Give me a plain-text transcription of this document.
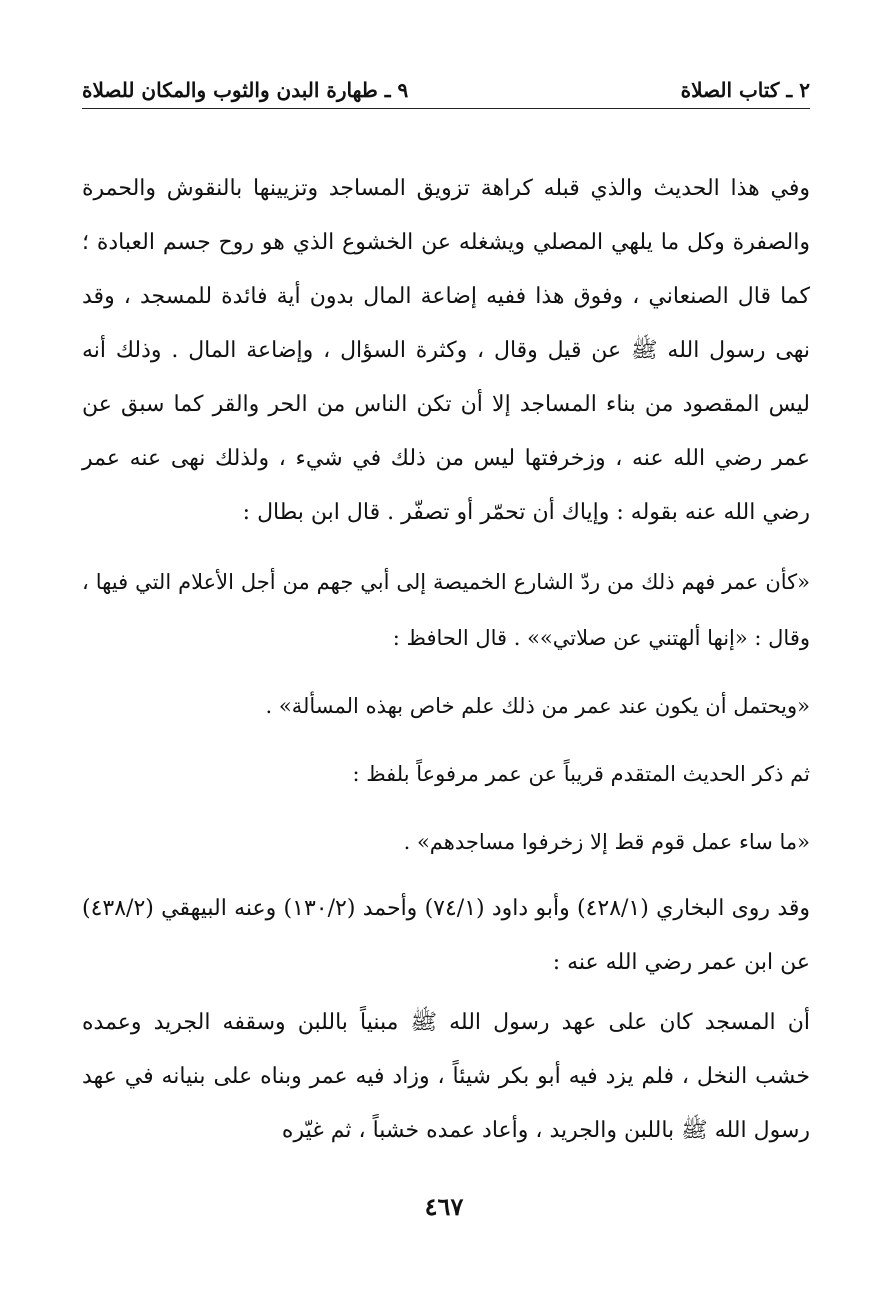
٢ ـ كتاب الصلاة
٩ ـ طهارة البدن والثوب والمكان للصلاة

وفي هذا الحديث والذي قبله كراهة تزويق المساجد وتزيينها بالنقوش والحمرة والصفرة وكل ما يلهي المصلي ويشغله عن الخشوع الذي هو روح جسم العبادة ؛ كما قال الصنعاني ، وفوق هذا ففيه إضاعة المال بدون أية فائدة للمسجد ، وقد نهى رسول الله ﷺ عن قيل وقال ، وكثرة السؤال ، وإضاعة المال . وذلك أنه ليس المقصود من بناء المساجد إلا أن تكن الناس من الحر والقر كما سبق عن عمر رضي الله عنه ، وزخرفتها ليس من ذلك في شيء ، ولذلك نهى عنه عمر رضي الله عنه بقوله : وإياك أن تحمّر أو تصفّر . قال ابن بطال :

«كأن عمر فهم ذلك من ردّ الشارع الخميصة إلى أبي جهم من أجل الأعلام التي فيها ، وقال : «إنها ألهتني عن صلاتي»» . قال الحافظ :

«ويحتمل أن يكون عند عمر من ذلك علم خاص بهذه المسألة» .

ثم ذكر الحديث المتقدم قريباً عن عمر مرفوعاً بلفظ :

«ما ساء عمل قوم قط إلا زخرفوا مساجدهم» .

وقد روى البخاري (٤٢٨/١) وأبو داود (٧٤/١) وأحمد (١٣٠/٢) وعنه البيهقي (٤٣٨/٢) عن ابن عمر رضي الله عنه :

أن المسجد كان على عهد رسول الله ﷺ مبنياً باللبن وسقفه الجريد وعمده خشب النخل ، فلم يزد فيه أبو بكر شيئاً ، وزاد فيه عمر وبناه على بنيانه في عهد رسول الله ﷺ باللبن والجريد ، وأعاد عمده خشباً ، ثم غيّره

٤٦٧
